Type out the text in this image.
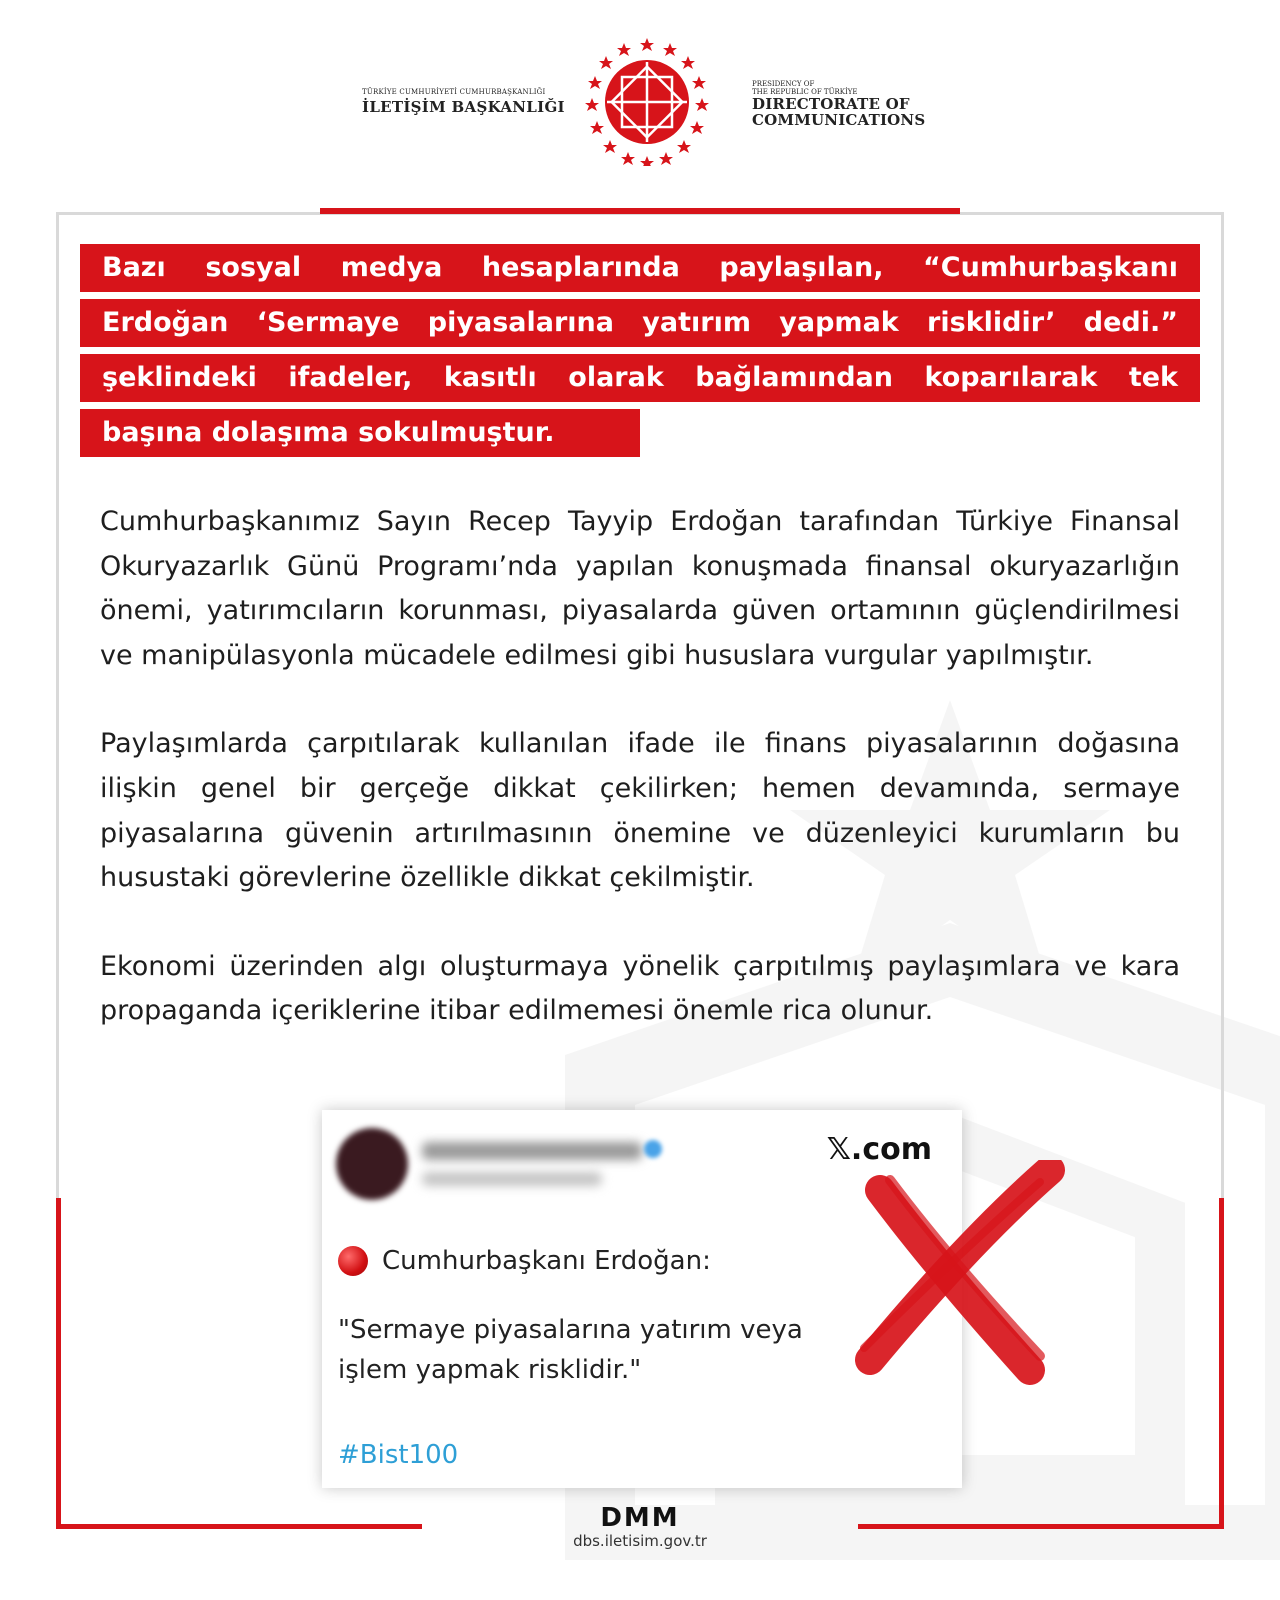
TÜRKİYE CUMHURİYETİ CUMHURBAŞKANLIĞI
İLETİŞİM BAŞKANLIĞI
PRESIDENCY OF
THE REPUBLIC OF TÜRKİYE
DIRECTORATE OF
COMMUNICATIONS
Bazı sosyal medya hesaplarında paylaşılan, “Cumhurbaşkanı
Erdoğan ‘Sermaye piyasalarına yatırım yapmak risklidir’ dedi.”
şeklindeki ifadeler, kasıtlı olarak bağlamından koparılarak tek
başına dolaşıma sokulmuştur.

Cumhurbaşkanımız Sayın Recep Tayyip Erdoğan tarafından Türkiye Finansal Okuryazarlık Günü Programı’nda yapılan konuşmada finansal okuryazarlığın önemi, yatırımcıların korunması, piyasalarda güven ortamının güçlendirilmesi ve manipülasyonla mücadele edilmesi gibi hususlara vurgular yapılmıştır.

Paylaşımlarda çarpıtılarak kullanılan ifade ile finans piyasalarının doğasına ilişkin genel bir gerçeğe dikkat çekilirken; hemen devamında, sermaye piyasalarına güvenin artırılmasının önemine ve düzenleyici kurumların bu husustaki görevlerine özellikle dikkat çekilmiştir.

Ekonomi üzerinden algı oluşturmaya yönelik çarpıtılmış paylaşımlara ve kara propaganda içeriklerine itibar edilmemesi önemle rica olunur.

𝕏.com
Cumhurbaşkanı Erdoğan:
"Sermaye piyasalarına yatırım veya işlem yapmak risklidir."
#Bist100
DMM
dbs.iletisim.gov.tr
